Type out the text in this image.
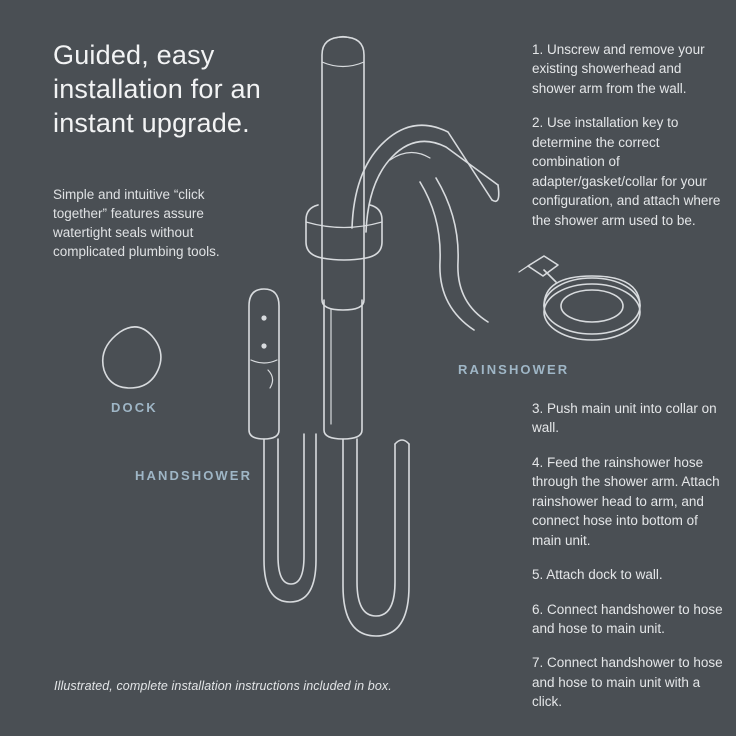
Guided, easy installation for an instant upgrade.
Simple and intuitive “click together” features assure watertight seals without complicated plumbing tools.
1. Unscrew and remove your existing showerhead and shower arm from the wall.
2. Use installation key to determine the correct combination of adapter/gasket/collar for your configuration, and attach where the shower arm used to be.
3. Push main unit into collar on wall.
4. Feed the rainshower hose through the shower arm. Attach rainshower head to arm, and connect hose into bottom of main unit.
5. Attach dock to wall.
6. Connect handshower to hose and hose to main unit.
7. Connect handshower to hose and hose to main unit with a click.
RAINSHOWER
DOCK
HANDSHOWER
Illustrated, complete installation instructions included in box.
